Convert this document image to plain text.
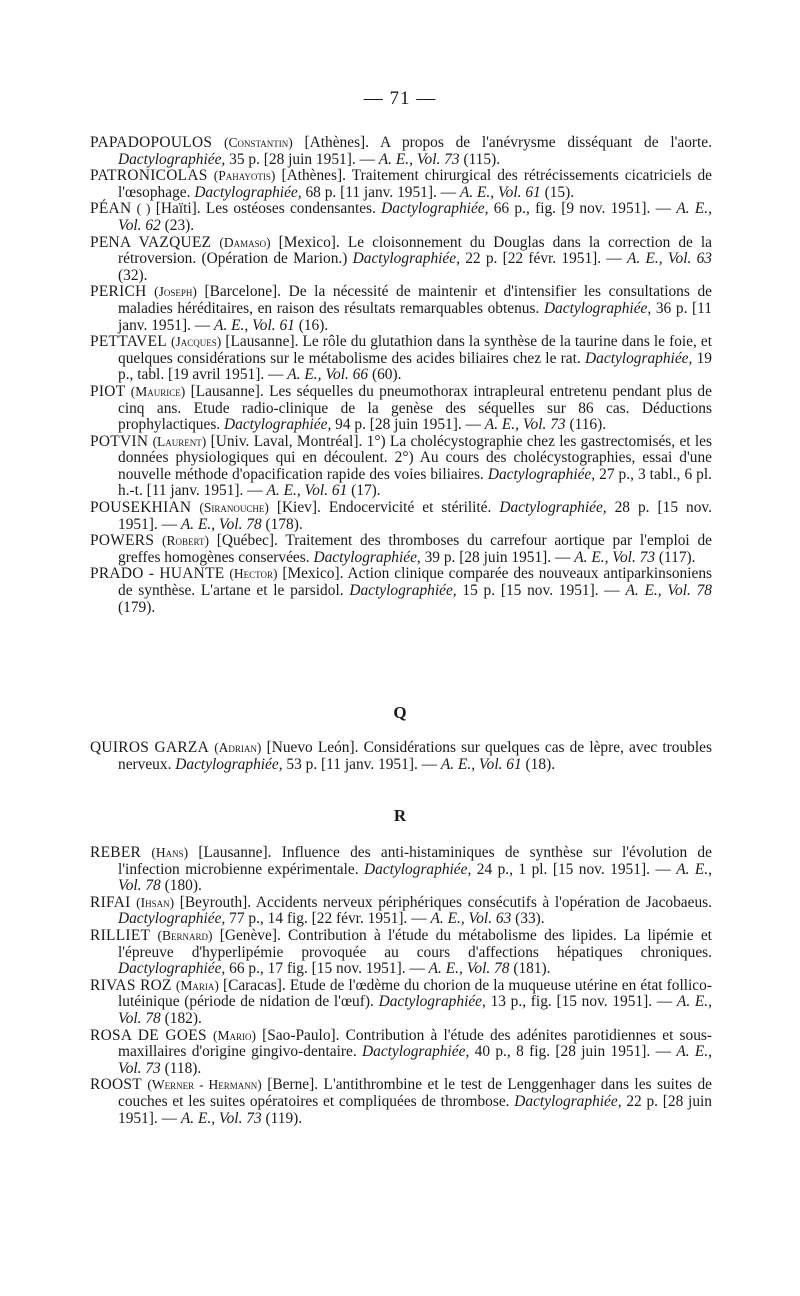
— 71 —

PAPADOPOULOS (Constantin) [Athènes]. A propos de l'anévrysme disséquant de l'aorte. Dactylographiée, 35 p. [28 juin 1951]. — A. E., Vol. 73 (115).

PATRONICOLAS (Pahayotis) [Athènes]. Traitement chirurgical des rétrécissements cicatriciels de l'œsophage. Dactylographiée, 68 p. [11 janv. 1951]. — A. E., Vol. 61 (15).

PÉAN ( ) [Haïti]. Les ostéoses condensantes. Dactylographiée, 66 p., fig. [9 nov. 1951]. — A. E., Vol. 62 (23).

PENA VAZQUEZ (Damaso) [Mexico]. Le cloisonnement du Douglas dans la correction de la rétroversion. (Opération de Marion.) Dactylographiée, 22 p. [22 févr. 1951]. — A. E., Vol. 63 (32).

PERICH (Joseph) [Barcelone]. De la nécessité de maintenir et d'intensifier les consultations de maladies héréditaires, en raison des résultats remarquables obtenus. Dactylographiée, 36 p. [11 janv. 1951]. — A. E., Vol. 61 (16).

PETTAVEL (Jacques) [Lausanne]. Le rôle du glutathion dans la synthèse de la taurine dans le foie, et quelques considérations sur le métabolisme des acides biliaires chez le rat. Dactylographiée, 19 p., tabl. [19 avril 1951]. — A. E., Vol. 66 (60).

PIOT (Maurice) [Lausanne]. Les séquelles du pneumothorax intrapleural entretenu pendant plus de cinq ans. Etude radio-clinique de la genèse des séquelles sur 86 cas. Déductions prophylactiques. Dactylographiée, 94 p. [28 juin 1951]. — A. E., Vol. 73 (116).

POTVIN (Laurent) [Univ. Laval, Montréal]. 1°) La cholécystographie chez les gastrectomisés, et les données physiologiques qui en découlent. 2°) Au cours des cholécystographies, essai d'une nouvelle méthode d'opacification rapide des voies biliaires. Dactylographiée, 27 p., 3 tabl., 6 pl. h.-t. [11 janv. 1951]. — A. E., Vol. 61 (17).

POUSEKHIAN (Siranouche) [Kiev]. Endocervicité et stérilité. Dactylographiée, 28 p. [15 nov. 1951]. — A. E., Vol. 78 (178).

POWERS (Robert) [Québec]. Traitement des thromboses du carrefour aortique par l'emploi de greffes homogènes conservées. Dactylographiée, 39 p. [28 juin 1951]. — A. E., Vol. 73 (117).

PRADO - HUANTE (Hector) [Mexico]. Action clinique comparée des nouveaux antiparkinsoniens de synthèse. L'artane et le parsidol. Dactylographiée, 15 p. [15 nov. 1951]. — A. E., Vol. 78 (179).

Q

QUIROS GARZA (Adrian) [Nuevo León]. Considérations sur quelques cas de lèpre, avec troubles nerveux. Dactylographiée, 53 p. [11 janv. 1951]. — A. E., Vol. 61 (18).

R

REBER (Hans) [Lausanne]. Influence des anti-histaminiques de synthèse sur l'évolution de l'infection microbienne expérimentale. Dactylographiée, 24 p., 1 pl. [15 nov. 1951]. — A. E., Vol. 78 (180).

RIFAI (Ihsan) [Beyrouth]. Accidents nerveux périphériques consécutifs à l'opération de Jacobaeus. Dactylographiée, 77 p., 14 fig. [22 févr. 1951]. — A. E., Vol. 63 (33).

RILLIET (Bernard) [Genève]. Contribution à l'étude du métabolisme des lipides. La lipémie et l'épreuve d'hyperlipémie provoquée au cours d'affections hépatiques chroniques. Dactylographiée, 66 p., 17 fig. [15 nov. 1951]. — A. E., Vol. 78 (181).

RIVAS ROZ (Maria) [Caracas]. Etude de l'œdème du chorion de la muqueuse utérine en état follico-lutéinique (période de nidation de l'œuf). Dactylographiée, 13 p., fig. [15 nov. 1951]. — A. E., Vol. 78 (182).

ROSA DE GOES (Mario) [Sao-Paulo]. Contribution à l'étude des adénites parotidiennes et sous-maxillaires d'origine gingivo-dentaire. Dactylographiée, 40 p., 8 fig. [28 juin 1951]. — A. E., Vol. 73 (118).

ROOST (Werner - Hermann) [Berne]. L'antithrombine et le test de Lenggenhager dans les suites de couches et les suites opératoires et compliquées de thrombose. Dactylographiée, 22 p. [28 juin 1951]. — A. E., Vol. 73 (119).
